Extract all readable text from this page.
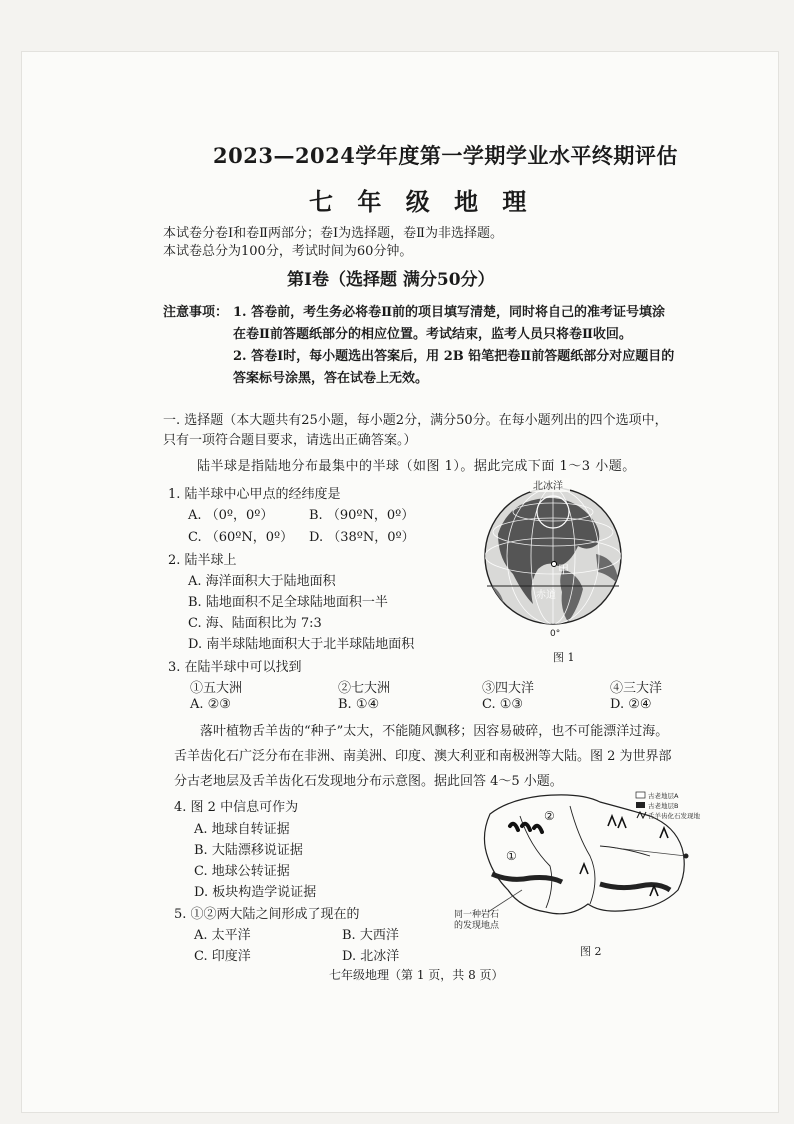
2023—2024学年度第一学期学业水平终期评估
七 年 级 地 理
本试卷分卷Ⅰ和卷Ⅱ两部分；卷Ⅰ为选择题，卷Ⅱ为非选择题。
本试卷总分为100分，考试时间为60分钟。
第Ⅰ卷（选择题 满分50分）
注意事项： 1. 答卷前，考生务必将卷Ⅱ前的项目填写清楚，同时将自己的准考证号填涂
在卷Ⅱ前答题纸部分的相应位置。考试结束，监考人员只将卷Ⅱ收回。
2. 答卷Ⅰ时，每小题选出答案后，用 2B 铅笔把卷Ⅱ前答题纸部分对应题目的
答案标号涂黑，答在试卷上无效。
一. 选择题（本大题共有25小题，每小题2分，满分50分。在每小题列出的四个选项中，
只有一项符合题目要求，请选出正确答案。）
陆半球是指陆地分布最集中的半球（如图 1）。据此完成下面 1～3 小题。
1. 陆半球中心甲点的经纬度是
A. （0º，0º）	B. （90ºN，0º）
C. （60ºN，0º） D. （38ºN，0º）
2. 陆半球上
A. 海洋面积大于陆地面积
B. 陆地面积不足全球陆地面积一半
C. 海、陆面积比为 7:3
D. 南半球陆地面积大于北半球陆地面积
3. 在陆半球中可以找到
①五大洲	②七大洲	③四大洋	④三大洋
A. ②③	B. ①④	C. ①③	D. ②④
北冰洋
甲
赤道
0°
图 1
落叶植物舌羊齿的“种子”太大，不能随风飘移；因容易破碎，也不可能漂洋过海。
舌羊齿化石广泛分布在非洲、南美洲、印度、澳大利亚和南极洲等大陆。图 2 为世界部
分古老地层及舌羊齿化石发现地分布示意图。据此回答 4～5 小题。
4. 图 2 中信息可作为
A. 地球自转证据
B. 大陆漂移说证据
C. 地球公转证据
D. 板块构造学说证据
5. ①②两大陆之间形成了现在的
A. 太平洋	B. 大西洋
C. 印度洋	D. 北冰洋
①
②
同一种岩石
的发现地点
古老地层A
古老地层B
舌羊齿化石发现地
图 2
七年级地理（第 1 页，共 8 页）
